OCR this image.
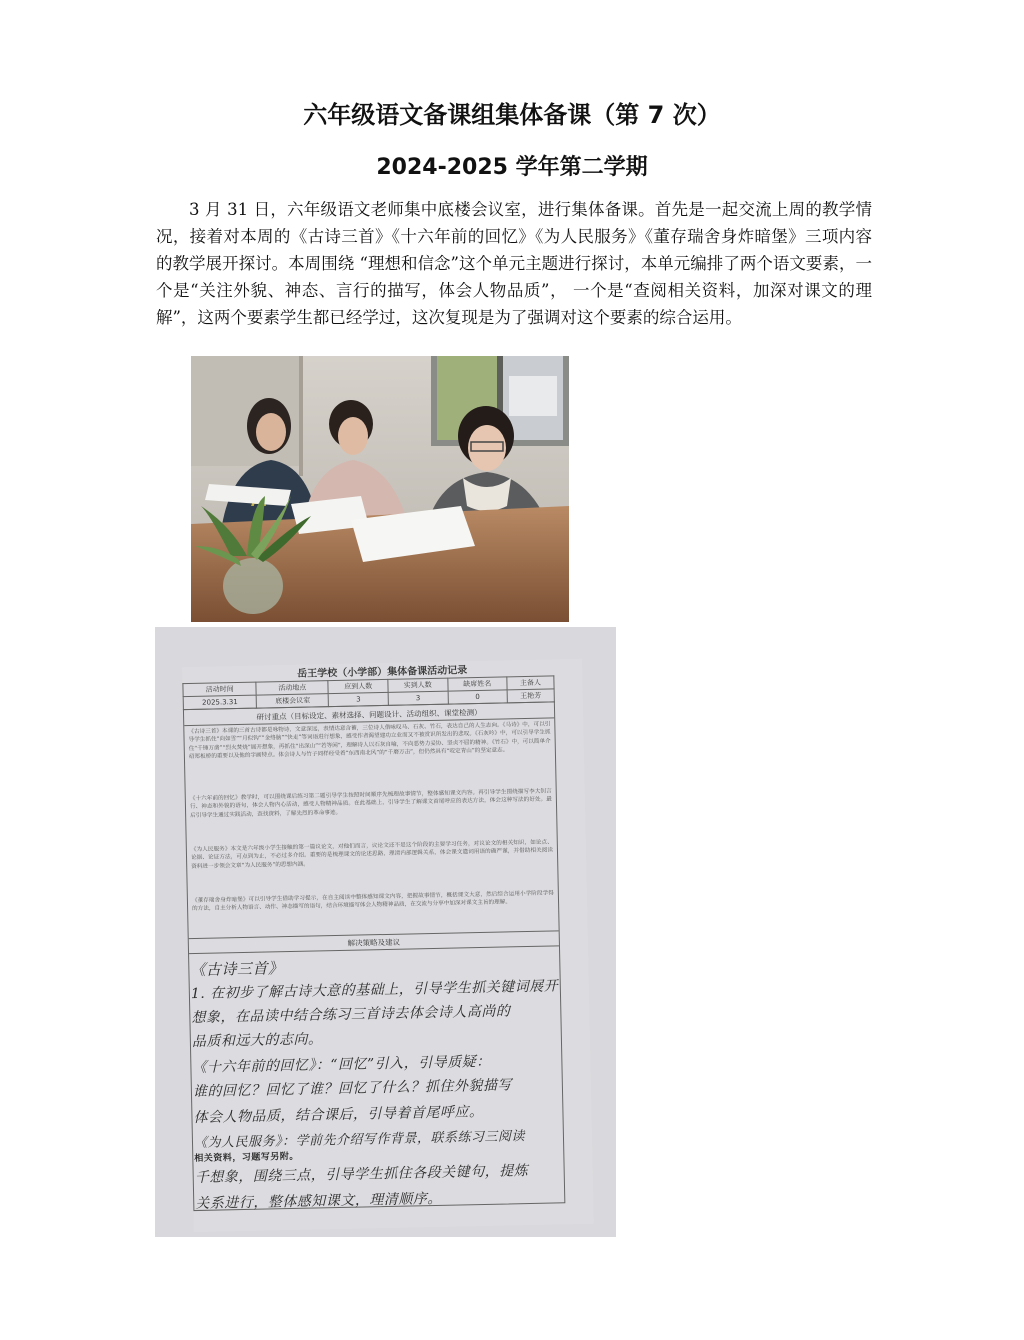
六年级语文备课组集体备课（第 7 次）
2024-2025 学年第二学期
3 月 31 日，六年级语文老师集中底楼会议室，进行集体备课。首先是一起交流上周的教学情况，接着对本周的《古诗三首》《十六年前的回忆》《为人民服务》《董存瑞舍身炸暗堡》三项内容的教学展开探讨。本周围绕 “理想和信念”这个单元主题进行探讨，本单元编排了两个语文要素，一个是“关注外貌、神态、言行的描写，体会人物品质”， 一个是“查阅相关资料，加深对课文的理解”，这两个要素学生都已经学过，这次复现是为了强调对这个要素的综合运用。
岳王学校（小学部）集体备课活动记录
活动时间	活动地点	应到人数	实到人数	缺席姓名	主备人
2025.3.31	底楼会议室	3	3	0	王艳芳
研讨重点（目标设定、素材选择、问题设计、活动组织、课堂检测）
《古诗三首》本课的三首古诗都是咏物诗，文意深远，表情达意含蓄，三位诗人借咏叹马、石灰、竹石，表达自己的人生志向。《马诗》中，可以引导学生抓住“向如雪”“月似钩”“金络脑”“快走”等词语进行想象，感受作者渴望建功立业而又不被赏识所发出的悲叹。《石灰吟》中，可以引导学生抓住“千锤万凿”“烈火焚烧”展开想象，再抓住“出深山”“若等闲”，理解诗人以石灰自喻，不向恶势力妥协、坚贞不屈的精神。《竹石》中，可以简单介绍郑板桥的重要以及他的字画特点。体会诗人与竹子同样经受着“东西南北风”的“千磨万击”，但仍然具有“咬定青山”的坚定意志。
《十六年前的回忆》教学时，可以围绕课后练习第二题引导学生按照时间顺序先梳理故事情节，整体感知课文内容。再引导学生围绕描写李大钊言行、神态和外貌的语句，体会人物内心活动，感受人物精神品质。在此基础上，引导学生了解课文首尾呼应的表达方法，体会这种写法的好处。最后引导学生通过实践活动，查找资料，了解先烈的革命事迹。
《为人民服务》本文是六年级小学生接触的第一篇议论文，对他们而言，议论文还不是这个阶段的主要学习任务，对议论文的相关知识，如论点、论据、论证方法，可点到为止，不必过多介绍。重要的是梳理课文的论述思路，理清内部逻辑关系，体会课文遣词用语的确严谨，并借助相关阅读资料进一步领会文章“为人民服务”的思想内涵。
《董存瑞舍身炸暗堡》可以引导学生借助学习提示，在自主阅读中整体感知课文内容，把握故事情节，概括课文大意，然后综合运用小学阶段学得的方法，自主分析人物语言、动作、神态描写的语句，结合环境描写体会人物精神品质，在交流与分享中加深对课文主旨的理解。
解决策略及建议
《古诗三首》
1. 在初步了解古诗大意的基础上，引导学生抓关键词展开
想象，在品读中结合练习三首诗去体会诗人高尚的
品质和远大的志向。
《十六年前的回忆》：“回忆”引入，引导质疑：
谁的回忆？回忆了谁？回忆了什么？抓住外貌描写
体会人物品质，结合课后，引导着首尾呼应。
《为人民服务》：学前先介绍写作背景，联系练习三阅读
相关资料，习题写另附。
千想象，围绕三点，引导学生抓住各段关键句，提炼
关系进行，整体感知课文，理清顺序。
